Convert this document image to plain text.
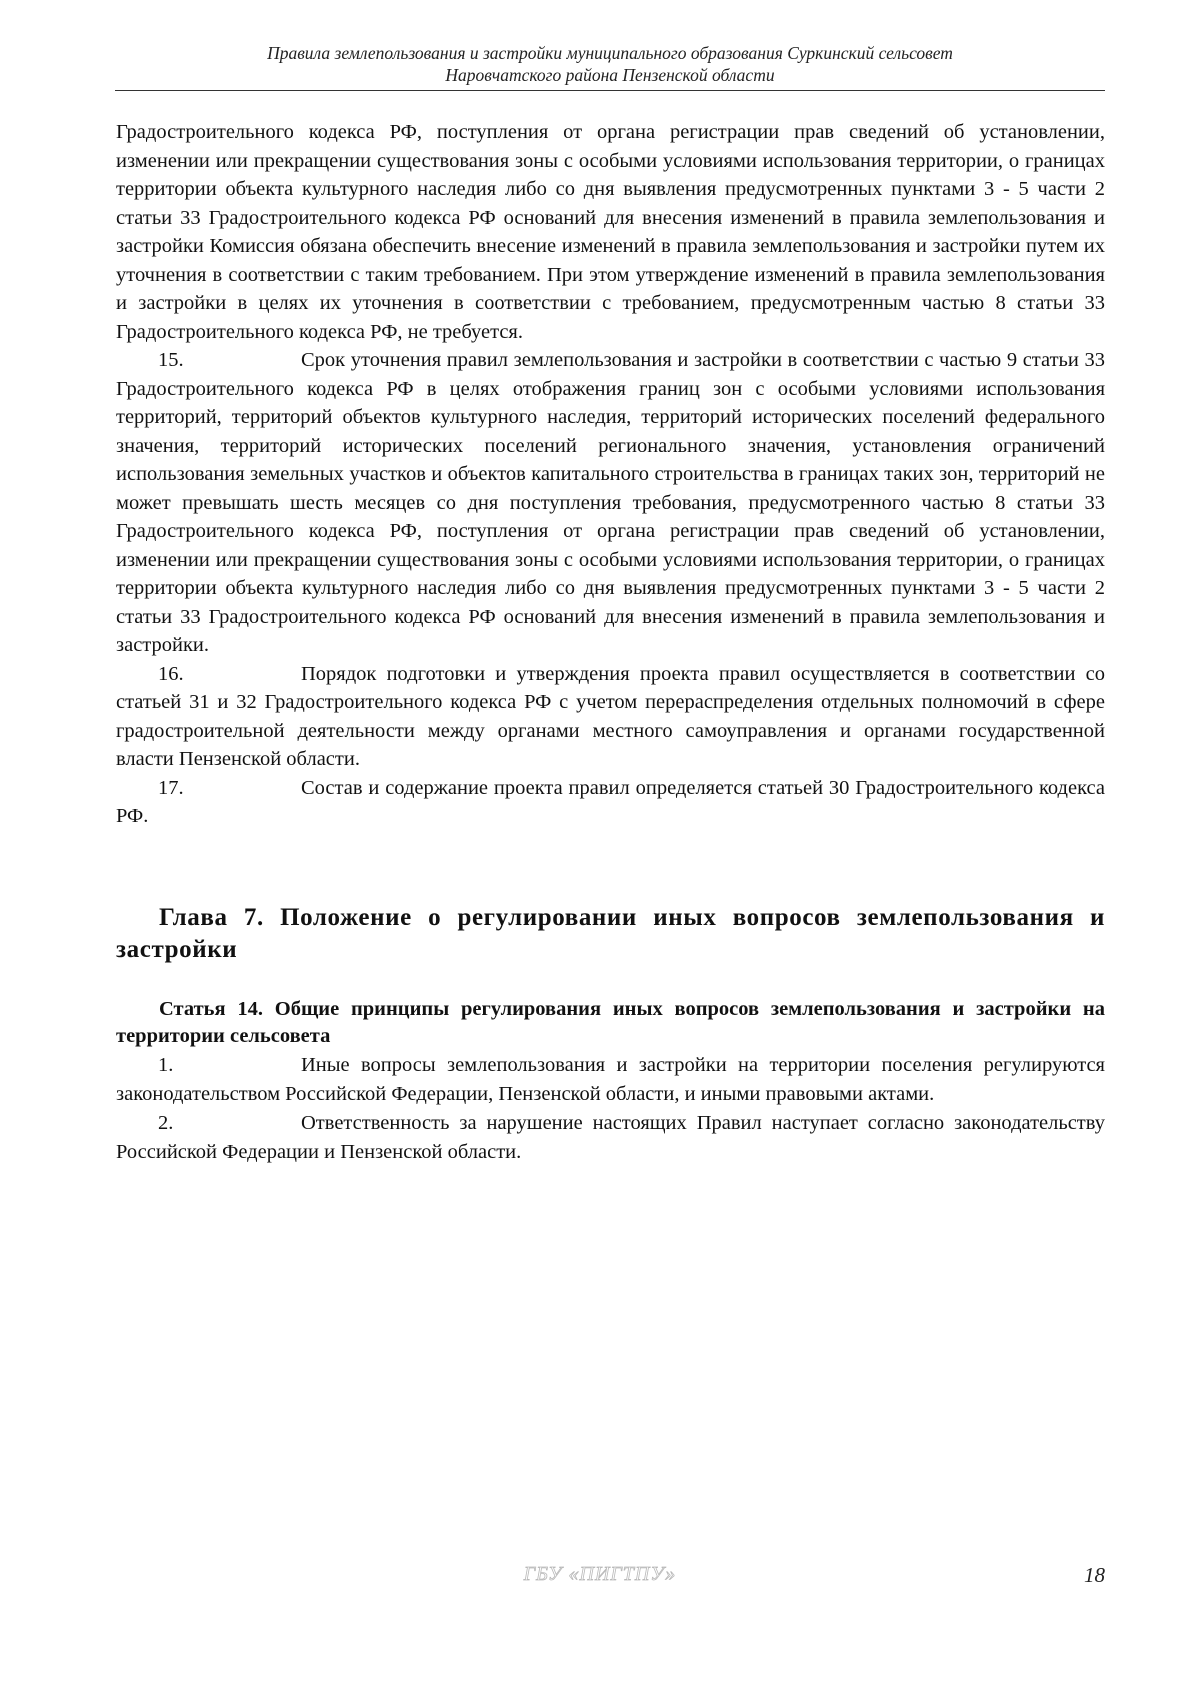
Правила землепользования и застройки муниципального образования Суркинский сельсовет
Наровчатского района Пензенской области

Градостроительного кодекса РФ, поступления от органа регистрации прав сведений об установлении, изменении или прекращении существования зоны с особыми условиями использования территории, о границах территории объекта культурного наследия либо со дня выявления предусмотренных пунктами 3 - 5 части 2 статьи 33 Градостроительного кодекса РФ оснований для внесения изменений в правила землепользования и застройки Комиссия обязана обеспечить внесение изменений в правила землепользования и застройки путем их уточнения в соответствии с таким требованием. При этом утверждение изменений в правила землепользования и застройки в целях их уточнения в соответствии с требованием, предусмотренным частью 8 статьи 33 Градостроительного кодекса РФ, не требуется.

15.	Срок уточнения правил землепользования и застройки в соответствии с частью 9 статьи 33 Градостроительного кодекса РФ в целях отображения границ зон с особыми условиями использования территорий, территорий объектов культурного наследия, территорий исторических поселений федерального значения, территорий исторических поселений регионального значения, установления ограничений использования земельных участков и объектов капитального строительства в границах таких зон, территорий не может превышать шесть месяцев со дня поступления требования, предусмотренного частью 8 статьи 33 Градостроительного кодекса РФ, поступления от органа регистрации прав сведений об установлении, изменении или прекращении существования зоны с особыми условиями использования территории, о границах территории объекта культурного наследия либо со дня выявления предусмотренных пунктами 3 - 5 части 2 статьи 33 Градостроительного кодекса РФ оснований для внесения изменений в правила землепользования и застройки.

16.	Порядок подготовки и утверждения проекта правил осуществляется в соответствии со статьей 31 и 32 Градостроительного кодекса РФ с учетом перераспределения отдельных полномочий в сфере градостроительной деятельности между органами местного самоуправления и органами государственной власти Пензенской области.

17.	Состав и содержание проекта правил определяется статьей 30 Градостроительного кодекса РФ.

Глава 7. Положение о регулировании иных вопросов землепользования и застройки

Статья 14. Общие принципы регулирования иных вопросов землепользования и застройки на территории сельсовета

1.	Иные вопросы землепользования и застройки на территории поселения регулируются законодательством Российской Федерации, Пензенской области, и иными правовыми актами.

2.	Ответственность за нарушение настоящих Правил наступает согласно законодательству Российской Федерации и Пензенской области.

ГБУ «ПИГТПУ»	18
